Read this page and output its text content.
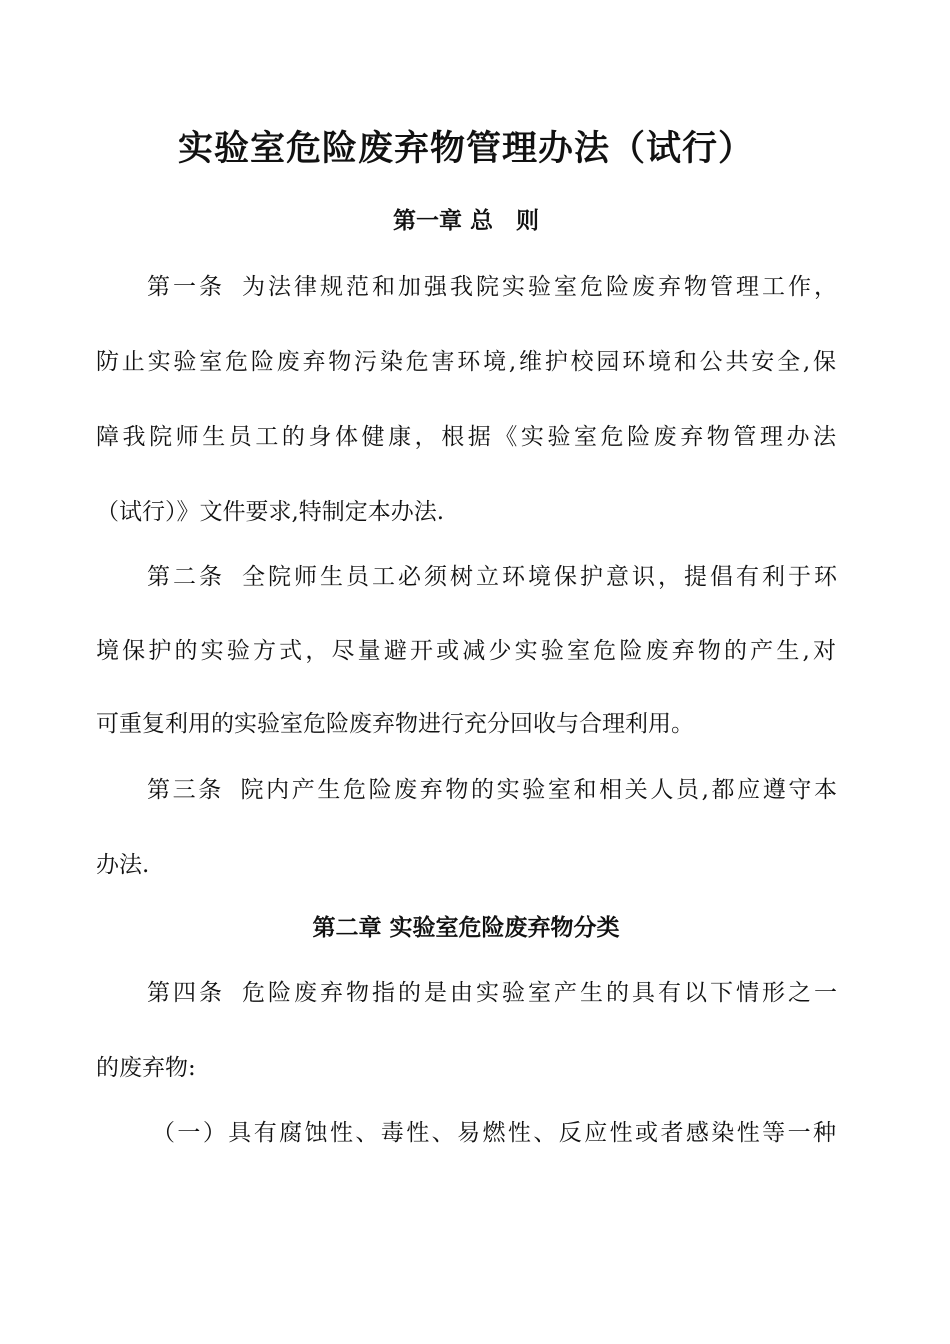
实验室危险废弃物管理办法（试行）
第一章 总　则
第一条 为法律规范和加强我院实验室危险废弃物管理工作，
防止实验室危险废弃物污染危害环境,维护校园环境和公共安全,保
障我院师生员工的身体健康，根据《实验室危险废弃物管理办法
（试行）》文件要求,特制定本办法.
第二条 全院师生员工必须树立环境保护意识，提倡有利于环
境保护的实验方式，尽量避开或减少实验室危险废弃物的产生,对
可重复利用的实验室危险废弃物进行充分回收与合理利用。
第三条 院内产生危险废弃物的实验室和相关人员,都应遵守本
办法.
第二章 实验室危险废弃物分类
第四条 危险废弃物指的是由实验室产生的具有以下情形之一
的废弃物:
（一）具有腐蚀性、毒性、易燃性、反应性或者感染性等一种
